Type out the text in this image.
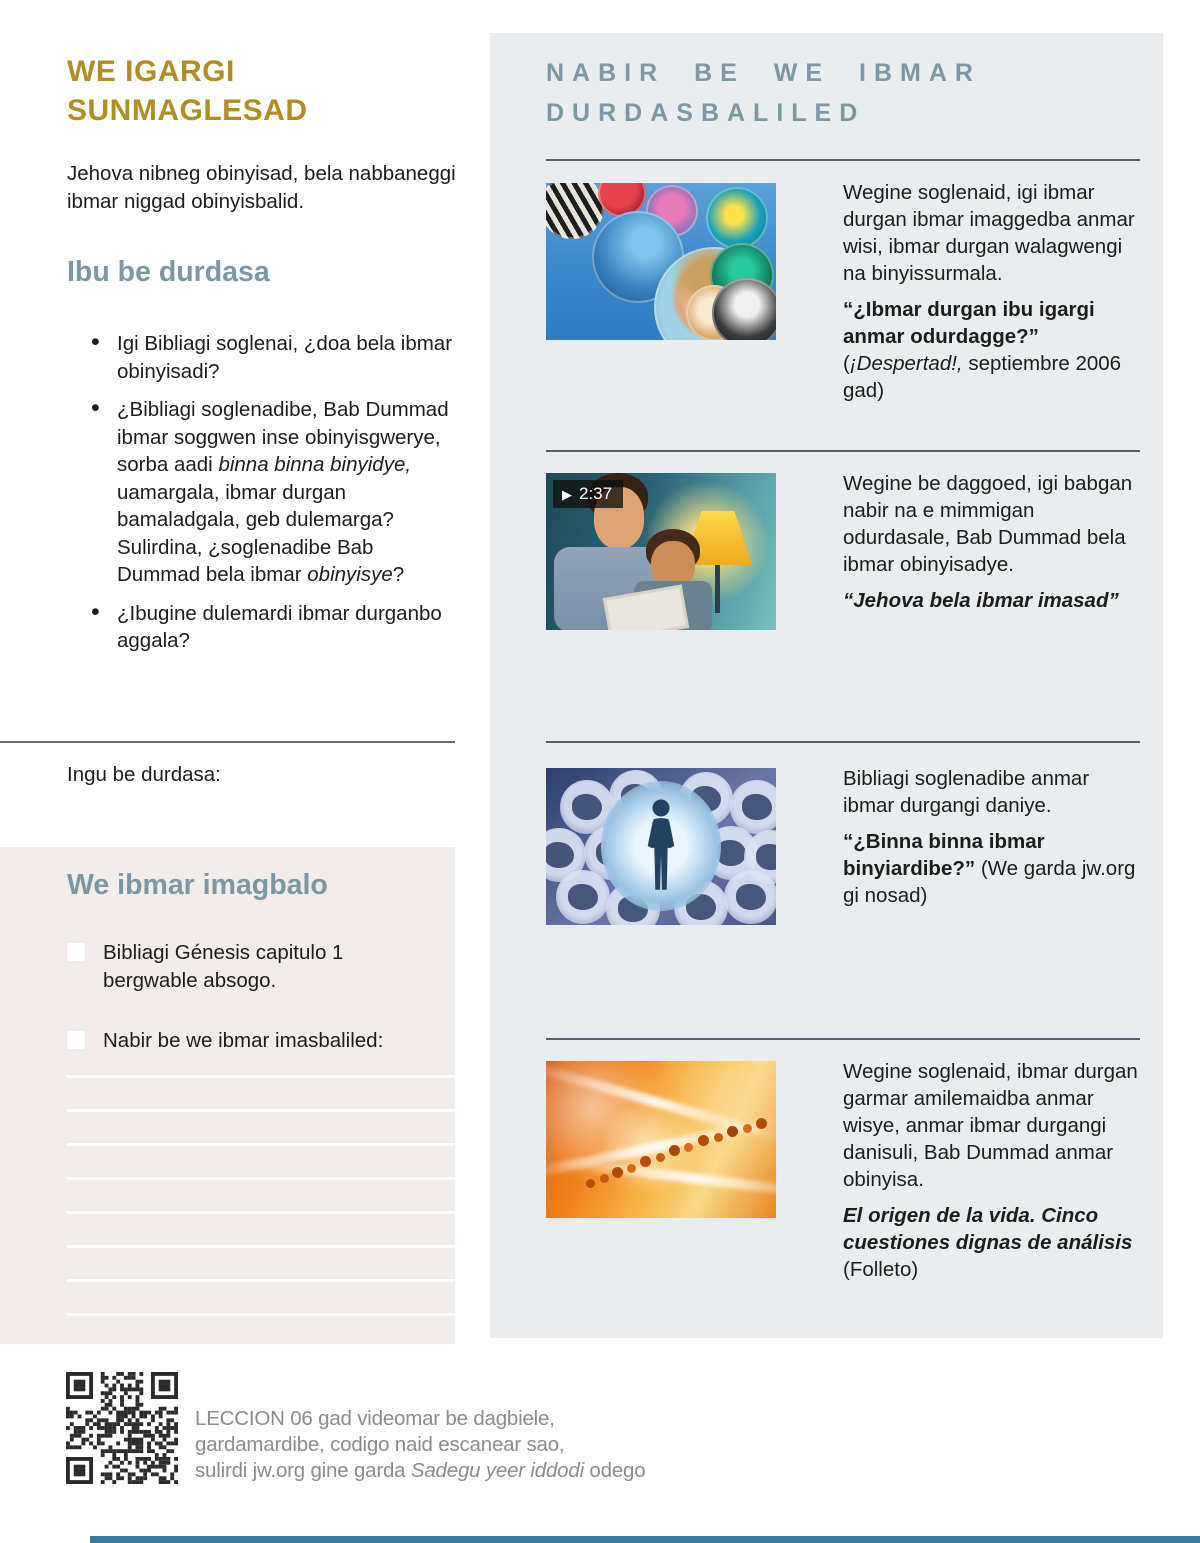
WE IGARGI SUNMAGLESAD
Jehova nibneg obinyisad, bela nabbaneggi ibmar niggad obinyisbalid.
Ibu be durdasa
• Igi Bibliagi soglenai, ¿doa bela ibmar obinyisadi?
• ¿Bibliagi soglenadibe, Bab Dummad ibmar soggwen inse obinyisgwerye, sorba aadi binna binna binyidye, uamargala, ibmar durgan bamaladgala, geb dulemarga? Sulirdina, ¿soglenadibe Bab Dummad bela ibmar obinyisye?
• ¿Ibugine dulemardi ibmar durganbo aggala?
Ingu be durdasa:
We ibmar imagbalo
Bibliagi Génesis capitulo 1 bergwable absogo.
Nabir be we ibmar imasbaliled:
NABIR BE WE IBMAR DURDASBALILED
Wegine soglenaid, igi ibmar durgan ibmar imaggedba anmar wisi, ibmar durgan walagwengi na binyissurmala.
“¿Ibmar durgan ibu igargi anmar odurdagge?” (¡Despertad!, septiembre 2006 gad)
▶ 2:37	Wegine be daggoed, igi babgan nabir na e mimmigan odurdasale, Bab Dummad bela ibmar obinyisadye.
“Jehova bela ibmar imasad”
Bibliagi soglenadibe anmar ibmar durgangi daniye.
“¿Binna binna ibmar binyiardibe?” (We garda jw.org gi nosad)
Wegine soglenaid, ibmar durgan garmar amilemaidba anmar wisye, anmar ibmar durgangi danisuli, Bab Dummad anmar obinyisa.
El origen de la vida. Cinco cuestiones dignas de análisis (Folleto)
LECCION 06 gad videomar be dagbiele,
gardamardibe, codigo naid escanear sao,
sulirdi jw.org gine garda Sadegu yeer iddodi odego
